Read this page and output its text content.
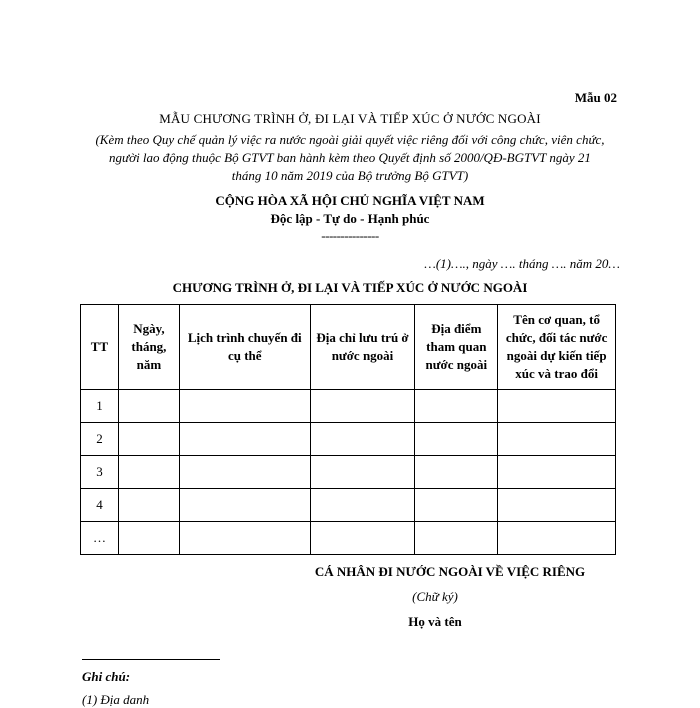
Mẫu 02
MẪU CHƯƠNG TRÌNH Ở, ĐI LẠI VÀ TIẾP XÚC Ở NƯỚC NGOÀI
(Kèm theo Quy chế quản lý việc ra nước ngoài giải quyết việc riêng đối với công chức, viên chức, người lao động thuộc Bộ GTVT ban hành kèm theo Quyết định số 2000/QĐ-BGTVT ngày 21 tháng 10 năm 2019 của Bộ trưởng Bộ GTVT)
CỘNG HÒA XÃ HỘI CHỦ NGHĨA VIỆT NAM
Độc lập - Tự do - Hạnh phúc
---------------
…(1)…., ngày …. tháng …. năm 20…
CHƯƠNG TRÌNH Ở, ĐI LẠI VÀ TIẾP XÚC Ở NƯỚC NGOÀI
TT	Ngày, tháng, năm	Lịch trình chuyến đi cụ thể	Địa chỉ lưu trú ở nước ngoài	Địa điểm tham quan nước ngoài	Tên cơ quan, tổ chức, đối tác nước ngoài dự kiến tiếp xúc và trao đổi
1					
2					
3					
4					
…					
CÁ NHÂN ĐI NƯỚC NGOÀI VỀ VIỆC RIÊNG
(Chữ ký)
Họ và tên
Ghi chú:
(1) Địa danh
